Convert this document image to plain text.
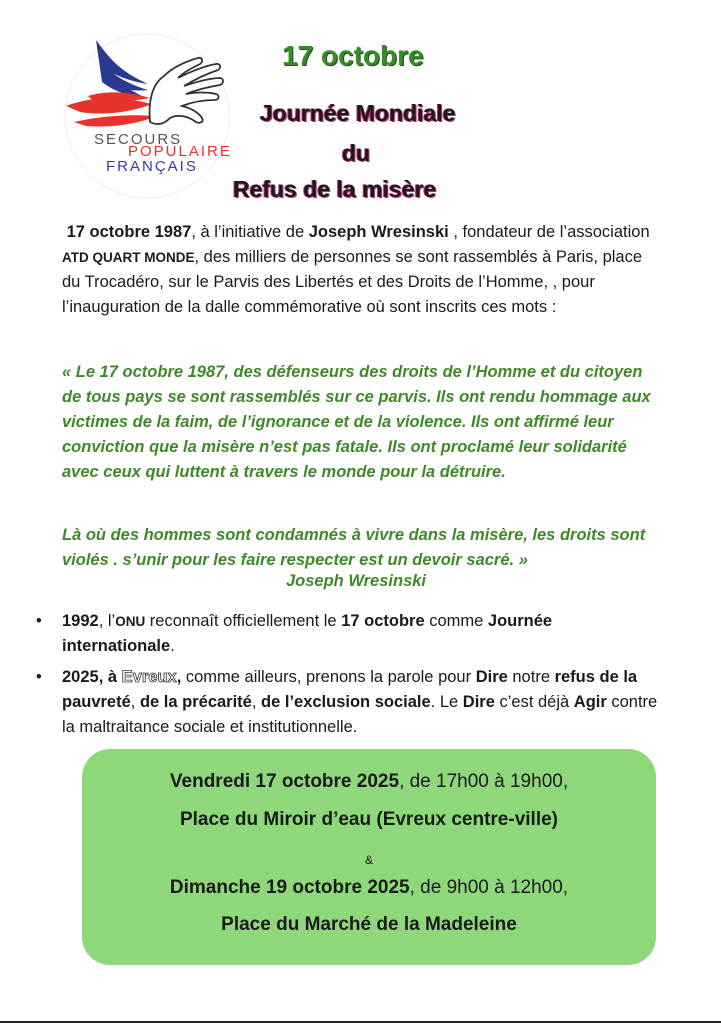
SECOURS
POPULAIRE
FRANÇAIS
17 octobre
Journée Mondiale
du
Refus de la misère

17 octobre 1987, à l’initiative de Joseph Wresinski , fondateur de l’association ATD QUART MONDE, des milliers de personnes se sont rassemblés à Paris, place du Trocadéro, sur le Parvis des Libertés et des Droits de l’Homme, , pour l’inauguration de la dalle commémorative où sont inscrits ces mots :

« Le 17 octobre 1987, des défenseurs des droits de l’Homme et du citoyen de tous pays se sont rassemblés sur ce parvis. Ils ont rendu hommage aux victimes de la faim, de l’ignorance et de la violence. Ils ont affirmé leur conviction que la misère n’est pas fatale. Ils ont proclamé leur solidarité avec ceux qui luttent à travers le monde pour la détruire.

Là où des hommes sont condamnés à vivre dans la misère, les droits sont violés . s’unir pour les faire respecter est un devoir sacré. »

Joseph Wresinski
• 1992, l’ONU reconnaît officiellement le 17 octobre comme Journée internationale.
• 2025, à Evreux, comme ailleurs, prenons la parole pour Dire notre refus de la pauvreté, de la précarité, de l’exclusion sociale. Le Dire c’est déjà Agir contre la maltraitance sociale et institutionnelle.
Vendredi 17 octobre 2025, de 17h00 à 19h00,
Place du Miroir d’eau (Evreux centre-ville)
&
Dimanche 19 octobre 2025, de 9h00 à 12h00,
Place du Marché de la Madeleine
